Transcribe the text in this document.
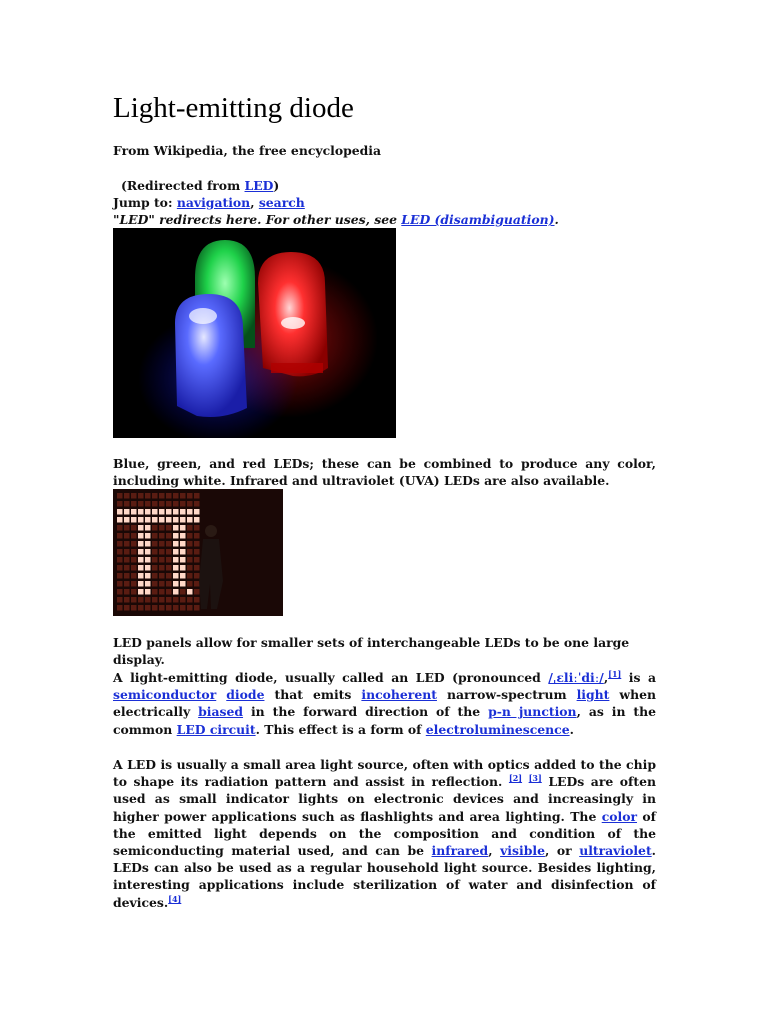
Light-emitting diode

From Wikipedia, the free encyclopedia

(Redirected from LED)

Jump to: navigation, search

"LED" redirects here. For other uses, see LED (disambiguation).

Blue, green, and red LEDs; these can be combined to produce any color, including white. Infrared and ultraviolet (UVA) LEDs are also available.

LED panels allow for smaller sets of interchangeable LEDs to be one large display.

A light-emitting diode, usually called an LED (pronounced /ˌɛliːˈdiː/,[1] is a semiconductor diode that emits incoherent narrow-spectrum light when electrically biased in the forward direction of the p-n junction, as in the common LED circuit. This effect is a form of electroluminescence.

A LED is usually a small area light source, often with optics added to the chip to shape its radiation pattern and assist in reflection. [2] [3] LEDs are often used as small indicator lights on electronic devices and increasingly in higher power applications such as flashlights and area lighting. The color of the emitted light depends on the composition and condition of the semiconducting material used, and can be infrared, visible, or ultraviolet. LEDs can also be used as a regular household light source. Besides lighting, interesting applications include sterilization of water and disinfection of devices.[4]
